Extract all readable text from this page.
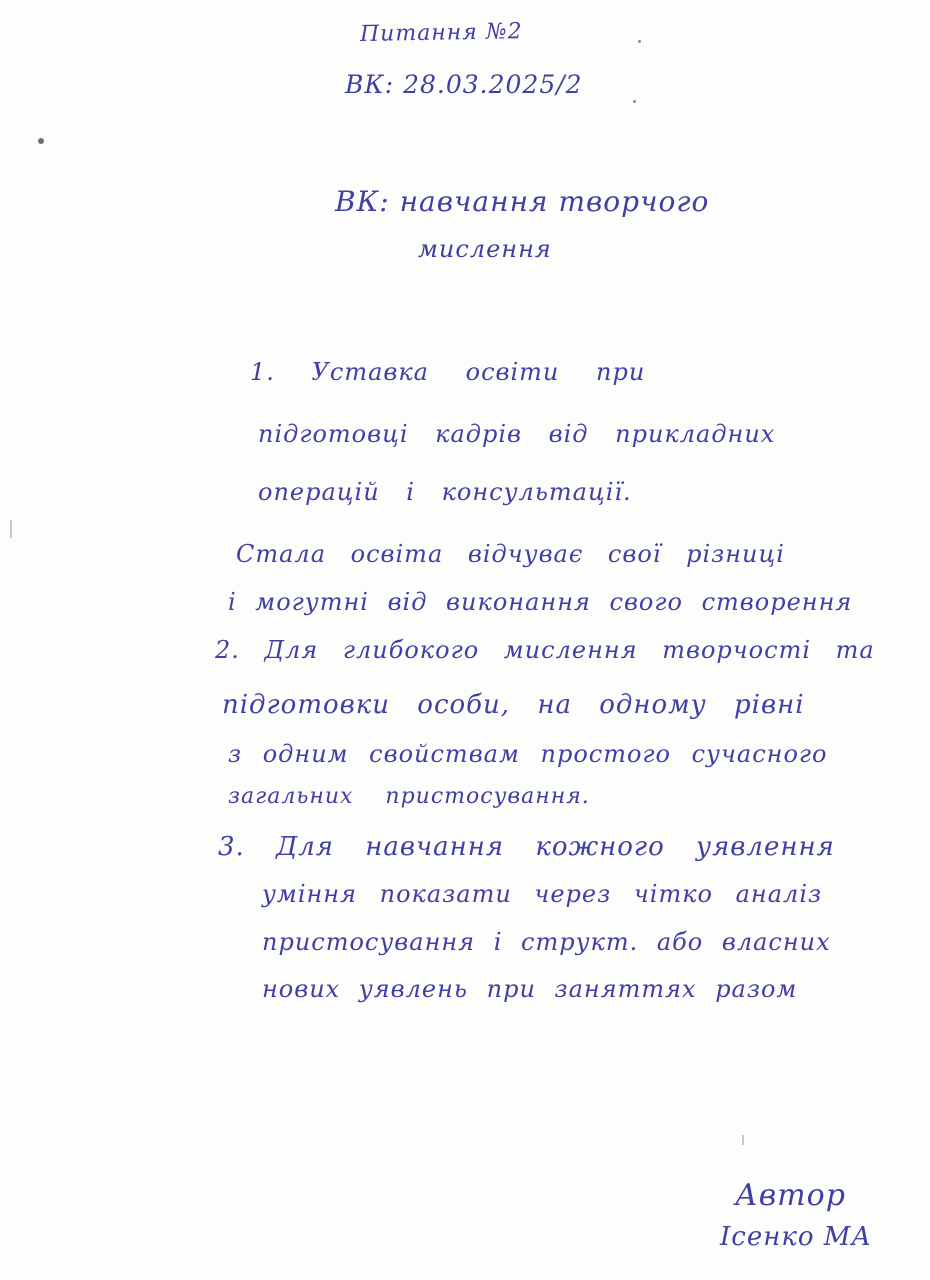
Питання №2
ВК: 28.03.2025/2
ВК: навчання творчого
мислення
1. Уставка освіти при
підготовці кадрів від прикладних
операцій і консультації.
Стала освіта відчуває свої різниці
і могутні від виконання свого створення
2. Для глибокого мислення творчості та
підготовки особи, на одному рівні
з одним свойствам простого сучасного
загальних пристосування.
3. Для навчання кожного уявлення
уміння показати через чітко аналіз
пристосування і структ. або власних
нових уявлень при заняттях разом
Автор
Ісенко МА
